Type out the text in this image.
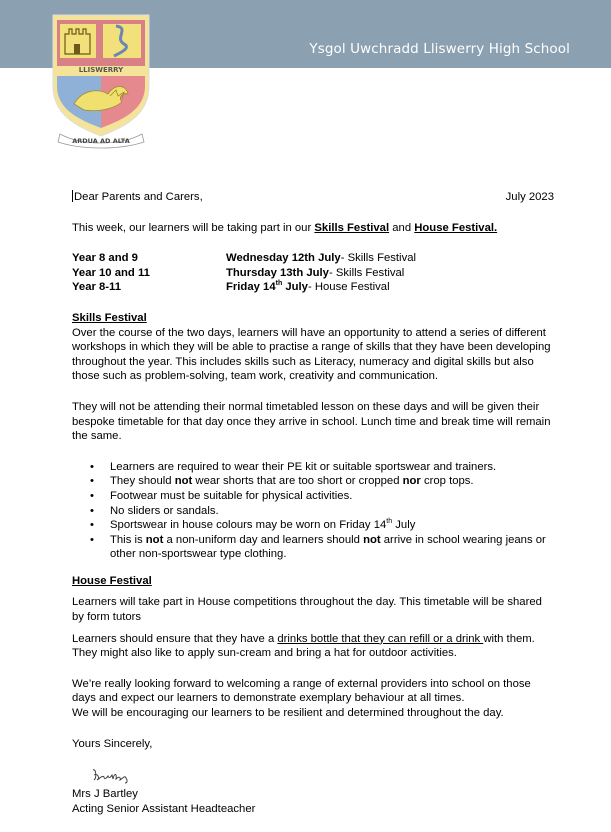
Ysgol Uwchradd Lliswerry High School
LLISWERRY
ARDUA AD ALTA
Dear Parents and Carers,	July 2023
This week, our learners will be taking part in our Skills Festival and House Festival.
Year 8 and 9	Wednesday 12th July- Skills Festival
Year 10 and 11	Thursday 13th July- Skills Festival
Year 8-11	Friday 14th July- House Festival
Skills Festival
Over the course of the two days, learners will have an opportunity to attend a series of different workshops in which they will be able to practise a range of skills that they have been developing throughout the year. This includes skills such as Literacy, numeracy and digital skills but also those such as problem-solving, team work, creativity and communication.
They will not be attending their normal timetabled lesson on these days and will be given their bespoke timetable for that day once they arrive in school. Lunch time and break time will remain the same.
• Learners are required to wear their PE kit or suitable sportswear and trainers.
• They should not wear shorts that are too short or cropped nor crop tops.
• Footwear must be suitable for physical activities.
• No sliders or sandals.
• Sportswear in house colours may be worn on Friday 14th July
• This is not a non-uniform day and learners should not arrive in school wearing jeans or other non-sportswear type clothing.
House Festival
Learners will take part in House competitions throughout the day. This timetable will be shared by form tutors
Learners should ensure that they have a drinks bottle that they can refill or a drink with them. They might also like to apply sun-cream and bring a hat for outdoor activities.
We’re really looking forward to welcoming a range of external providers into school on those days and expect our learners to demonstrate exemplary behaviour at all times.
We will be encouraging our learners to be resilient and determined throughout the day.
Yours Sincerely,
Mrs J Bartley
Acting Senior Assistant Headteacher
